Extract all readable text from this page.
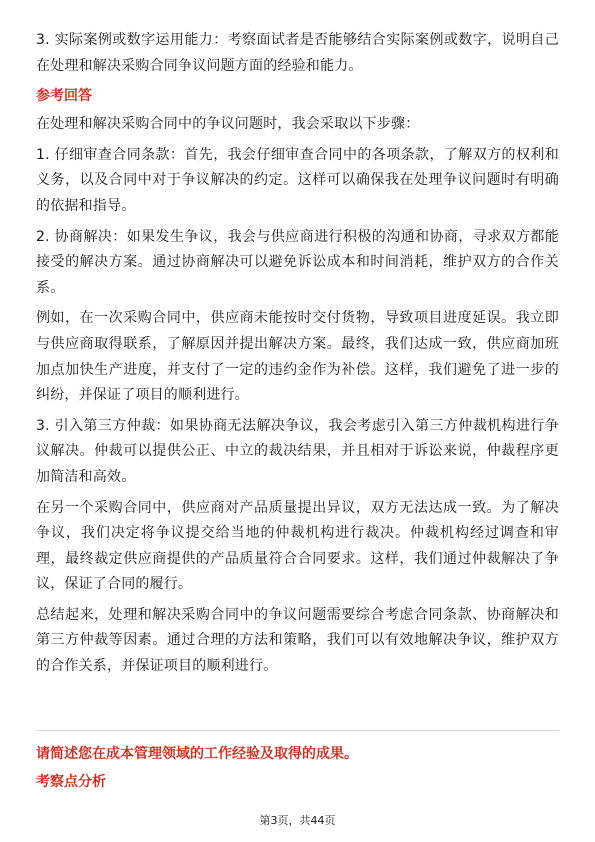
3. 实际案例或数字运用能力：考察面试者是否能够结合实际案例或数字，说明自己在处理和解决采购合同争议问题方面的经验和能力。

参考回答

在处理和解决采购合同中的争议问题时，我会采取以下步骤：

1. 仔细审查合同条款：首先，我会仔细审查合同中的各项条款，了解双方的权利和义务，以及合同中对于争议解决的约定。这样可以确保我在处理争议问题时有明确的依据和指导。

2. 协商解决：如果发生争议，我会与供应商进行积极的沟通和协商，寻求双方都能接受的解决方案。通过协商解决可以避免诉讼成本和时间消耗，维护双方的合作关系。

例如，在一次采购合同中，供应商未能按时交付货物，导致项目进度延误。我立即与供应商取得联系，了解原因并提出解决方案。最终，我们达成一致，供应商加班加点加快生产进度，并支付了一定的违约金作为补偿。这样，我们避免了进一步的纠纷，并保证了项目的顺利进行。

3. 引入第三方仲裁：如果协商无法解决争议，我会考虑引入第三方仲裁机构进行争议解决。仲裁可以提供公正、中立的裁决结果，并且相对于诉讼来说，仲裁程序更加简洁和高效。

在另一个采购合同中，供应商对产品质量提出异议，双方无法达成一致。为了解决争议，我们决定将争议提交给当地的仲裁机构进行裁决。仲裁机构经过调查和审理，最终裁定供应商提供的产品质量符合合同要求。这样，我们通过仲裁解决了争议，保证了合同的履行。

总结起来，处理和解决采购合同中的争议问题需要综合考虑合同条款、协商解决和第三方仲裁等因素。通过合理的方法和策略，我们可以有效地解决争议，维护双方的合作关系，并保证项目的顺利进行。

请简述您在成本管理领域的工作经验及取得的成果。
考察点分析
第3页，共44页
